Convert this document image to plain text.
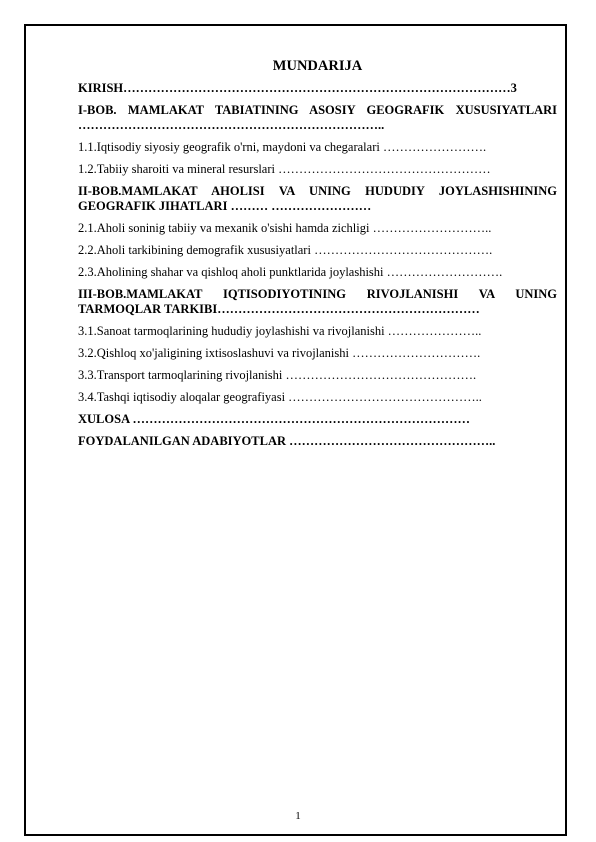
MUNDARIJA
KIRISH…………………………………………………………………………………3
I-BOB. MAMLAKAT TABIATINING ASOSIY GEOGRAFIK XUSUSIYATLARI ………………………………………………………………..
1.1.Iqtisodiy siyosiy geografik o'rni, maydoni va chegaralari …………………….
1.2.Tabiiy sharoiti va mineral resurslari ……………………………………………
II-BOB.MAMLAKAT AHOLISI VA UNING HUDUDIY JOYLASHISHINING GEOGRAFIK JIHATLARI ……… ……………………
2.1.Aholi soninig tabiiy va mexanik o'sishi hamda zichligi ………………………..
2.2.Aholi tarkibining demografik xususiyatlari …………………………………….
2.3.Aholining shahar va qishloq aholi punktlarida joylashishi ……………………….
III-BOB.MAMLAKAT IQTISODIYOTINING RIVOJLANISHI VA UNING TARMOQLAR TARKIBI………………………………………………………
3.1.Sanoat tarmoqlarining hududiy joylashishi va rivojlanishi …………………..
3.2.Qishloq xo'jaligining ixtisoslashuvi va rivojlanishi ………………………….
3.3.Transport tarmoqlarining rivojlanishi ……………………………………….
3.4.Tashqi iqtisodiy aloqalar geografiyasi ………………………………………..
XULOSA ………………………………………………………………………
FOYDALANILGAN ADABIYOTLAR …………………………………………..
1
